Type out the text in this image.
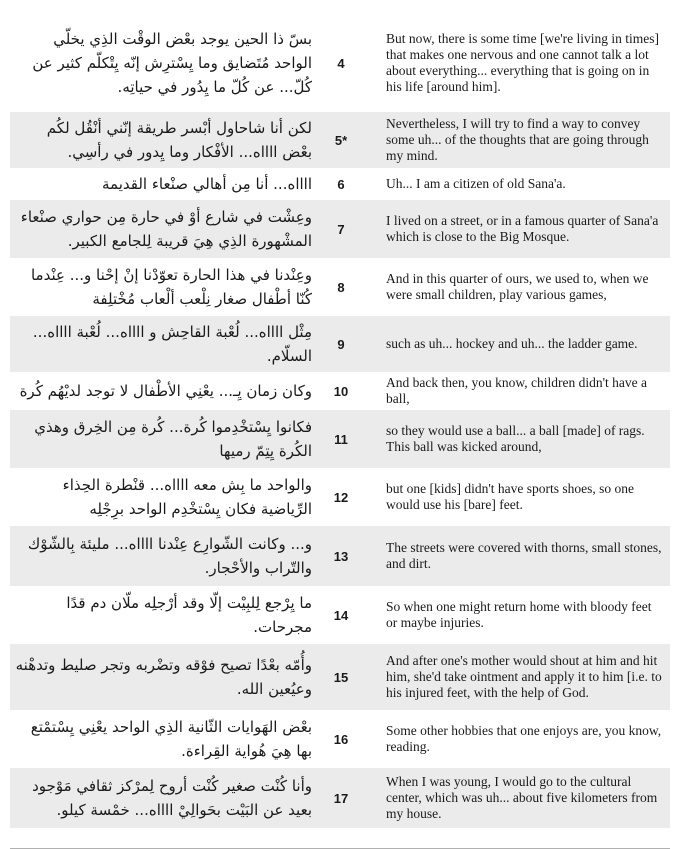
بسّ ذا الحين يوجد بعْض الوقْت الذِي يخلّي الواحد مُتَضايق وما يِسْترِش إنّه يِتْكلّم كثير عن كُلّ... عن كُلّ ما يِدُور في حياتِه.	4	But now, there is some time [we're living in times] that makes one nervous and one cannot talk a lot about everything... everything that is going on in his life [around him].
لكن أنا شاحاول أبْسر طريقة إنّني أنْقُل لكُم بعْض ااااه... الأفْكار وما يِدور في رأسِي.	5*	Nevertheless, I will try to find a way to convey some uh... of the thoughts that are going through my mind.
ااااه... أنا مِن أهالي صنْعاء القديمة	6	Uh... I am a citizen of old Sana'a.
وعِشْت في شارع أوْ في حارة مِن حواري صنْعاء المشْهورة الذِي هِيَ قريبة لِلجامع الكبير.	7	I lived on a street, or in a famous quarter of Sana'a which is close to the Big Mosque.
وعِنْدنا في هذا الحارة تعوّدْنا إنْ إحْنا و... عِنْدما كُنّا أطْفال صغار نِلْعب ألْعاب مُخْتلِفة	8	And in this quarter of ours, we used to, when we were small children, play various games,
مِثْل ااااه... لُعْبة القاحِش و ااااه... لُعْبة ااااه... السلّام.	9	such as uh... hockey and uh... the ladder game.
وكان زمان يِـ... يعْنِي الأطْفال لا توجد لديْهُم كُرة	10	And back then, you know, children didn't have a ball,
فكانوا يِسْتخْدِموا كُرة... كُرة مِن الخِرق وهذي الكُرة يِتِمّ رميها	11	so they would use a ball... a ball [made] of rags. This ball was kicked around,
والواحد ما بِش معه ااااه... قنْطرة الحِذاء الرِّياضية فكان يِسْتخْدِم الواحد برِجْلِه	12	but one [kids] didn't have sports shoes, so one would use his [bare] feet.
و... وكانت الشّوارِع عِنْدنا ااااه... مليئة بِالشّوْك والتّراب والأحْجار.	13	The streets were covered with thorns, small stones, and dirt.
ما يِرْجع لِلبِيْت إلّا وقد أرْجلِه ملّان دم قدًا مجرحات.	14	So when one might return home with bloody feet or maybe injuries.
وأُمّه بعْدًا تصيح فوْقه وتضْربه وتجر صليط وتدهْنه وعيُعين الله.	15	And after one's mother would shout at him and hit him, she'd take ointment and apply it to him [i.e. to his injured feet, with the help of God.
بعْض الهَوايات الثّانية الذِي الواحد يعْنِي يِسْتمْتع بها هِيَ هُواية القِراءة.	16	Some other hobbies that one enjoys are, you know, reading.
وأنا كُنْت صغير كُنْت أروح لِمرْكز ثقافي مَوْجود بعيد عن البَيْت بحَوالِيْ ااااه... خمْسة كيلو.	17	When I was young, I would go to the cultural center, which was uh... about five kilometers from my house.
